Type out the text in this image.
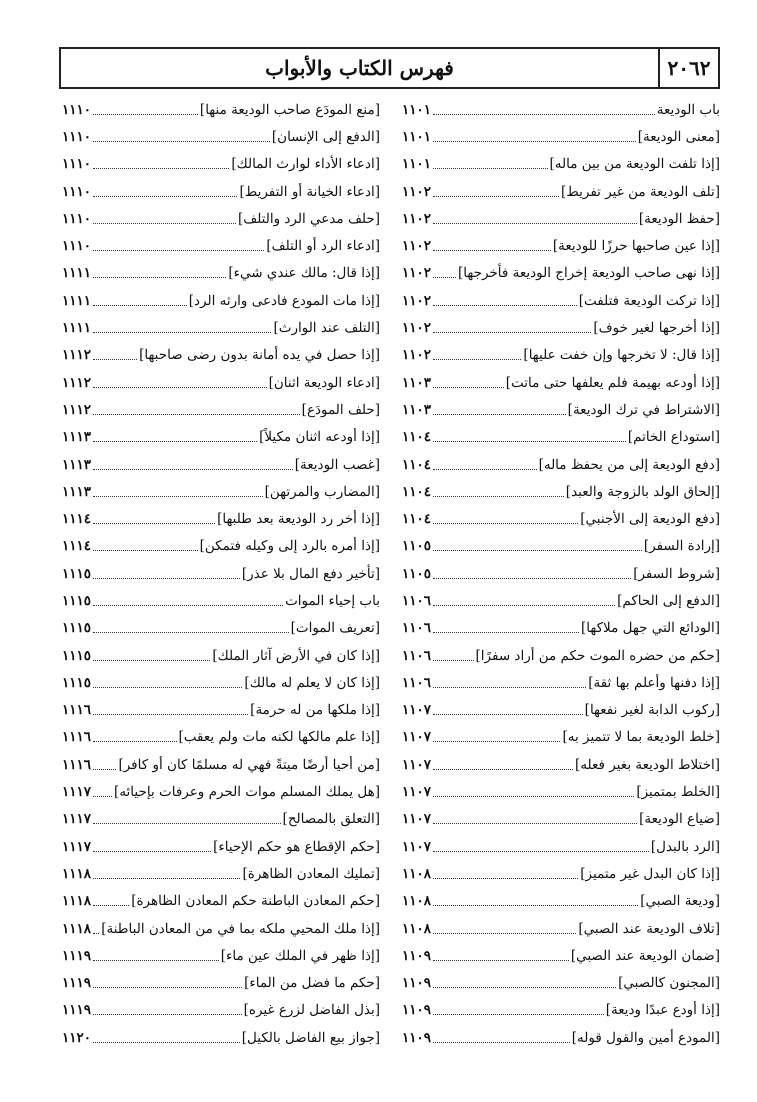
٢٠٦٢
فهرس الكتاب والأبواب
باب الوديعة
١١٠١
[معنى الوديعة]
١١٠١
[إذا تلفت الوديعة من بين ماله]
١١٠١
[تلف الوديعة من غير تفريط]
١١٠٢
[حفظ الوديعة]
١١٠٢
[إذا عين صاحبها حرزًا للوديعة]
١١٠٢
[إذا نهى صاحب الوديعة إخراج الوديعة فأخرجها]
١١٠٢
[إذا تركت الوديعة فتلفت]
١١٠٢
[إذا أخرجها لغير خوف]
١١٠٢
[إذا قال: لا تخرجها وإن خفت عليها]
١١٠٢
[إذا أودعه بهيمة فلم يعلفها حتى ماتت]
١١٠٣
[الاشتراط في ترك الوديعة]
١١٠٣
[استوداع الخاتم]
١١٠٤
[دفع الوديعة إلى من يحفظ ماله]
١١٠٤
[إلحاق الولد بالزوجة والعبد]
١١٠٤
[دفع الوديعة إلى الأجنبي]
١١٠٤
[إرادة السفر]
١١٠٥
[شروط السفر]
١١٠٥
[الدفع إلى الحاكم]
١١٠٦
[الودائع التي جهل ملاكها]
١١٠٦
[حكم من حضره الموت حكم من أراد سفرًا]
١١٠٦
[إذا دفنها وأعلم بها ثقة]
١١٠٦
[ركوب الدابة لغير نفعها]
١١٠٧
[خلط الوديعة بما لا تتميز به]
١١٠٧
[اختلاط الوديعة بغير فعله]
١١٠٧
[الخلط بمتميز]
١١٠٧
[ضياع الوديعة]
١١٠٧
[الرد بالبدل]
١١٠٧
[إذا كان البدل غير متميز]
١١٠٨
[وديعة الصبي]
١١٠٨
[تلاف الوديعة عند الصبي]
١١٠٨
[ضمان الوديعة عند الصبي]
١١٠٩
[المجنون كالصبي]
١١٠٩
[إذا أودع عبدًا وديعة]
١١٠٩
[المودع أمين والقول قوله]
١١٠٩
[منع المودَع صاحب الوديعة منها]
١١١٠
[الدفع إلى الإنسان]
١١١٠
[ادعاء الأداء لوارث المالك]
١١١٠
[ادعاء الخيانة أو التفريط]
١١١٠
[حلف مدعي الرد والتلف]
١١١٠
[ادعاء الرد أو التلف]
١١١٠
[إذا قال: مالك عندي شيء]
١١١١
[إذا مات المودع فادعى وارثه الرد]
١١١١
[التلف عند الوارث]
١١١١
[إذا حصل في يده أمانة بدون رضى صاحبها]
١١١٢
[ادعاء الوديعة اثنان]
١١١٢
[حلف المودَع]
١١١٢
[إذا أودعه اثنان مكيلاً]
١١١٣
[غصب الوديعة]
١١١٣
[المضارب والمرتهن]
١١١٣
[إذا أخر رد الوديعة بعد طلبها]
١١١٤
[إذا أمره بالرد إلى وكيله فتمكن]
١١١٤
[تأخير دفع المال بلا عذر]
١١١٥
باب إحياء الموات
١١١٥
[تعريف الموات]
١١١٥
[إذا كان في الأرض آثار الملك]
١١١٥
[إذا كان لا يعلم له مالك]
١١١٥
[إذا ملكها من له حرمة]
١١١٦
[إذا علم مالكها لكنه مات ولم يعقب]
١١١٦
[من أحيا أرضًا ميتةً فهي له مسلمًا كان أو كافر]
١١١٦
[هل يملك المسلم موات الحرم وعرفات بإحيائه]
١١١٧
[التعلق بالمصالح]
١١١٧
[حكم الإقطاع هو حكم الإحياء]
١١١٧
[تمليك المعادن الظاهرة]
١١١٨
[حكم المعادن الباطنة حكم المعادن الظاهرة]
١١١٨
[إذا ملك المحيي ملكه بما في من المعادن الباطنة]
١١١٨
[إذا ظهر في الملك عين ماء]
١١١٩
[حكم ما فضل من الماء]
١١١٩
[بذل الفاضل لزرع غيره]
١١١٩
[جواز بيع الفاضل بالكيل]
١١٢٠
